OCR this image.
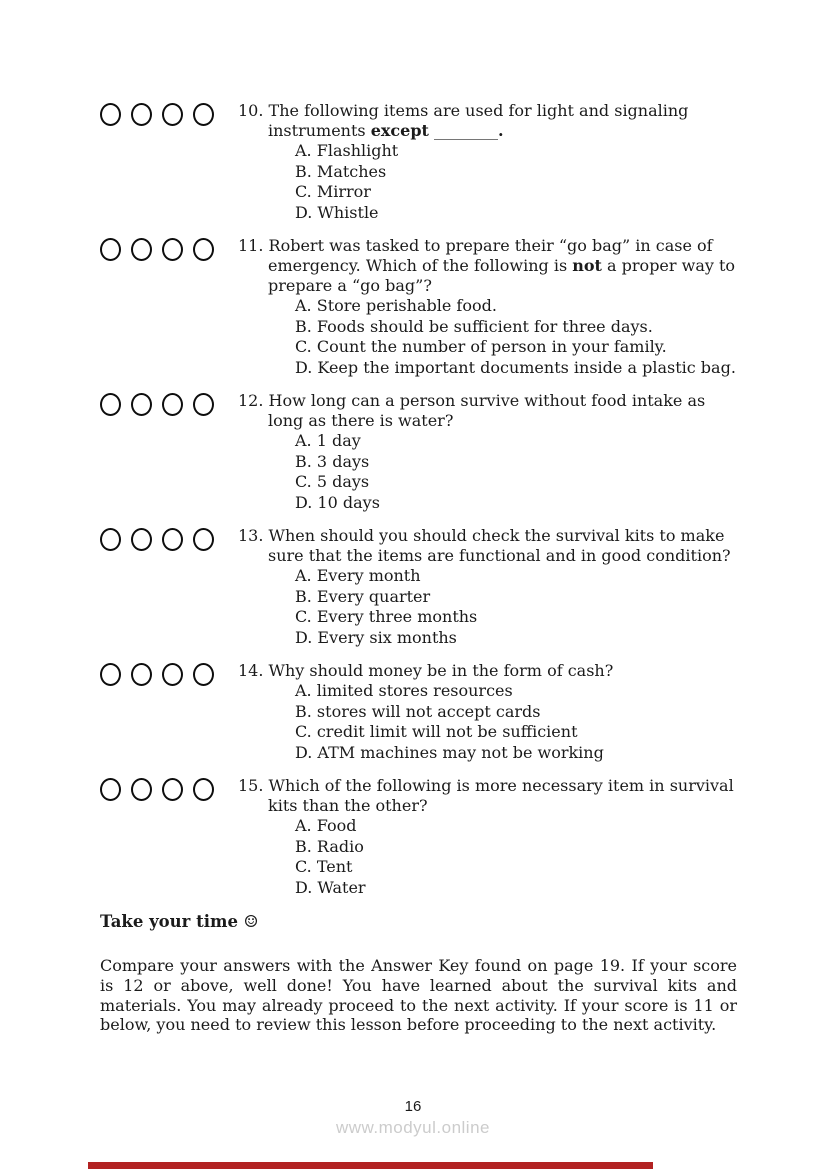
10. The following items are used for light and signaling instruments except ________.
A. Flashlight
B. Matches
C. Mirror
D. Whistle
11. Robert was tasked to prepare their “go bag” in case of emergency. Which of the following is not a proper way to prepare a “go bag”?
A. Store perishable food.
B. Foods should be sufficient for three days.
C. Count the number of person in your family.
D. Keep the important documents inside a plastic bag.
12. How long can a person survive without food intake as long as there is water?
A. 1 day
B. 3 days
C. 5 days
D. 10 days
13. When should you should check the survival kits to make sure that the items are functional and in good condition?
A. Every month
B. Every quarter
C. Every three months
D. Every six months
14. Why should money be in the form of cash?
A. limited stores resources
B. stores will not accept cards
C. credit limit will not be sufficient
D. ATM machines may not be working
15. Which of the following is more necessary item in survival kits than the other?
A. Food
B. Radio
C. Tent
D. Water
Take your time ☺
Compare your answers with the Answer Key found on page 19. If your score is 12 or above, well done! You have learned about the survival kits and materials. You may already proceed to the next activity. If your score is 11 or below, you need to review this lesson before proceeding to the next activity.
16
www.modyul.online
